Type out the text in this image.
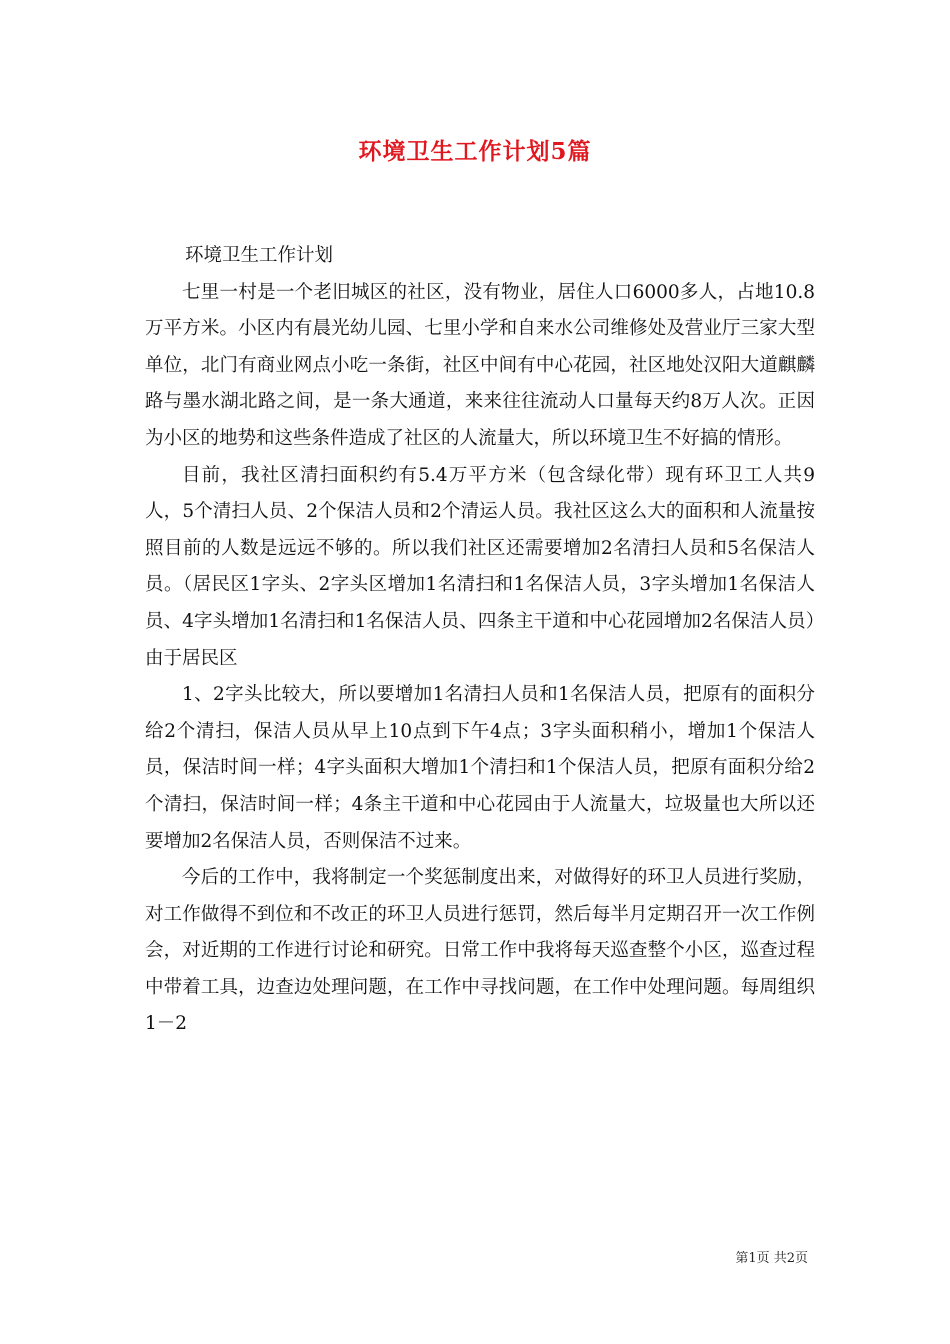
环境卫生工作计划5篇

环境卫生工作计划

七里一村是一个老旧城区的社区，没有物业，居住人口6000多人，占地10.8万平方米。小区内有晨光幼儿园、七里小学和自来水公司维修处及营业厅三家大型单位，北门有商业网点小吃一条街，社区中间有中心花园，社区地处汉阳大道麒麟路与墨水湖北路之间，是一条大通道，来来往往流动人口量每天约8万人次。正因为小区的地势和这些条件造成了社区的人流量大，所以环境卫生不好搞的情形。

目前，我社区清扫面积约有5.4万平方米（包含绿化带）现有环卫工人共9人，5个清扫人员、2个保洁人员和2个清运人员。我社区这么大的面积和人流量按照目前的人数是远远不够的。所以我们社区还需要增加2名清扫人员和5名保洁人员。（居民区1字头、2字头区增加1名清扫和1名保洁人员，3字头增加1名保洁人员、4字头增加1名清扫和1名保洁人员、四条主干道和中心花园增加2名保洁人员）由于居民区

1、2字头比较大，所以要增加1名清扫人员和1名保洁人员，把原有的面积分给2个清扫，保洁人员从早上10点到下午4点；3字头面积稍小，增加1个保洁人员，保洁时间一样；4字头面积大增加1个清扫和1个保洁人员，把原有面积分给2个清扫，保洁时间一样；4条主干道和中心花园由于人流量大，垃圾量也大所以还要增加2名保洁人员，否则保洁不过来。

今后的工作中，我将制定一个奖惩制度出来，对做得好的环卫人员进行奖励，对工作做得不到位和不改正的环卫人员进行惩罚，然后每半月定期召开一次工作例会，对近期的工作进行讨论和研究。日常工作中我将每天巡查整个小区，巡查过程中带着工具，边查边处理问题，在工作中寻找问题，在工作中处理问题。每周组织1－2

第1页 共2页
